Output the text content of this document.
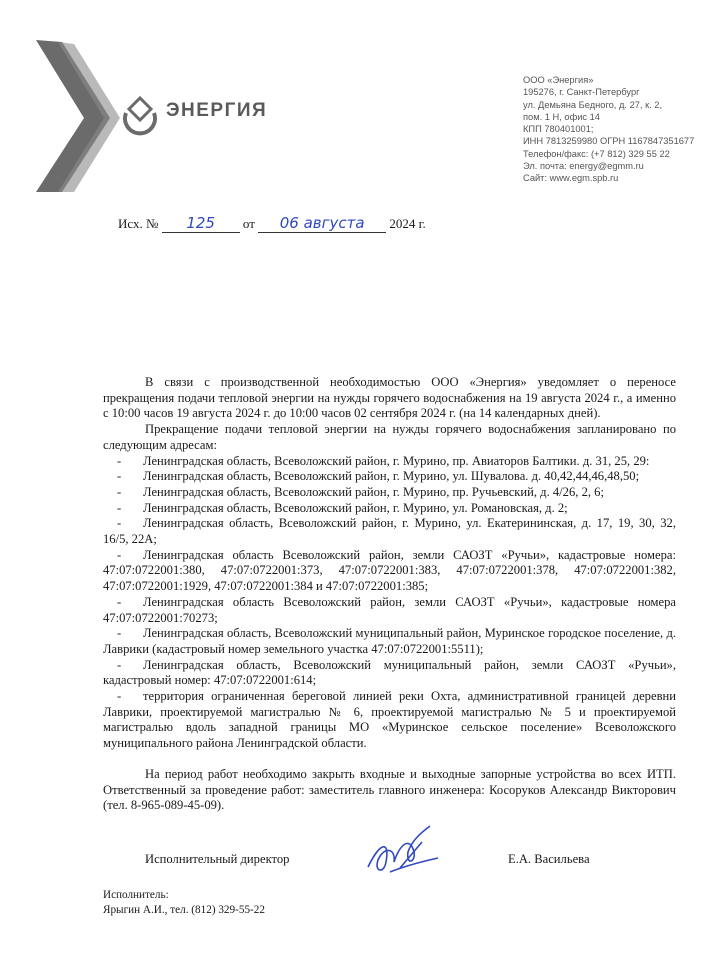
ЭНЕРГИЯ
ООО «Энергия»
195276, г. Санкт-Петербург
ул. Демьяна Бедного, д. 27, к. 2,
пом. 1 Н, офис 14
КПП 780401001;
ИНН 7813259980 ОГРН 1167847351677
Телефон/факс: (+7 812) 329 55 22
Эл. почта: energy@egmm.ru
Сайт: www.egm.spb.ru
Исх. № 125 от 06 августа 2024 г.

В связи с производственной необходимостью ООО «Энергия» уведомляет о переносе прекращения подачи тепловой энергии на нужды горячего водоснабжения на 19 августа 2024 г., а именно с 10:00 часов 19 августа 2024 г. до 10:00 часов 02 сентября 2024 г. (на 14 календарных дней).

Прекращение подачи тепловой энергии на нужды горячего водоснабжения запланировано по следующим адресам:

- Ленинградская область, Всеволожский район, г. Мурино, пр. Авиаторов Балтики. д. 31, 25, 29:

- Ленинградская область, Всеволожский район, г. Мурино, ул. Шувалова. д. 40,42,44,46,48,50;

- Ленинградская область, Всеволожский район, г. Мурино, пр. Ручьевский, д. 4/26, 2, 6;

- Ленинградская область, Всеволожский район, г. Мурино, ул. Романовская, д. 2;

- Ленинградская область, Всеволожский район, г. Мурино, ул. Екатерининская, д. 17, 19, 30, 32, 16/5, 22А;

- Ленинградская область Всеволожский район, земли САОЗТ «Ручьи», кадастровые номера: 47:07:0722001:380, 47:07:0722001:373, 47:07:0722001:383, 47:07:0722001:378, 47:07:0722001:382, 47:07:0722001:1929, 47:07:0722001:384 и 47:07:0722001:385;

- Ленинградская область Всеволожский район, земли САОЗТ «Ручьи», кадастровые номера 47:07:0722001:70273;

- Ленинградская область, Всеволожский муниципальный район, Муринское городское поселение, д. Лаврики (кадастровый номер земельного участка 47:07:0722001:5511);

- Ленинградская область, Всеволожский муниципальный район, земли САОЗТ «Ручьи», кадастровый номер: 47:07:0722001:614;

- территория ограниченная береговой линией реки Охта, административной границей деревни Лаврики, проектируемой магистралью № 6, проектируемой магистралью № 5 и проектируемой магистралью вдоль западной границы МО «Муринское сельское поселение» Всеволожского муниципального района Ленинградской области.

На период работ необходимо закрыть входные и выходные запорные устройства во всех ИТП. Ответственный за проведение работ: заместитель главного инженера: Косоруков Александр Викторович (тел. 8-965-089-45-09).

Исполнительный директор	Е.А. Васильева
Исполнитель:
Ярыгин А.И., тел. (812) 329-55-22
